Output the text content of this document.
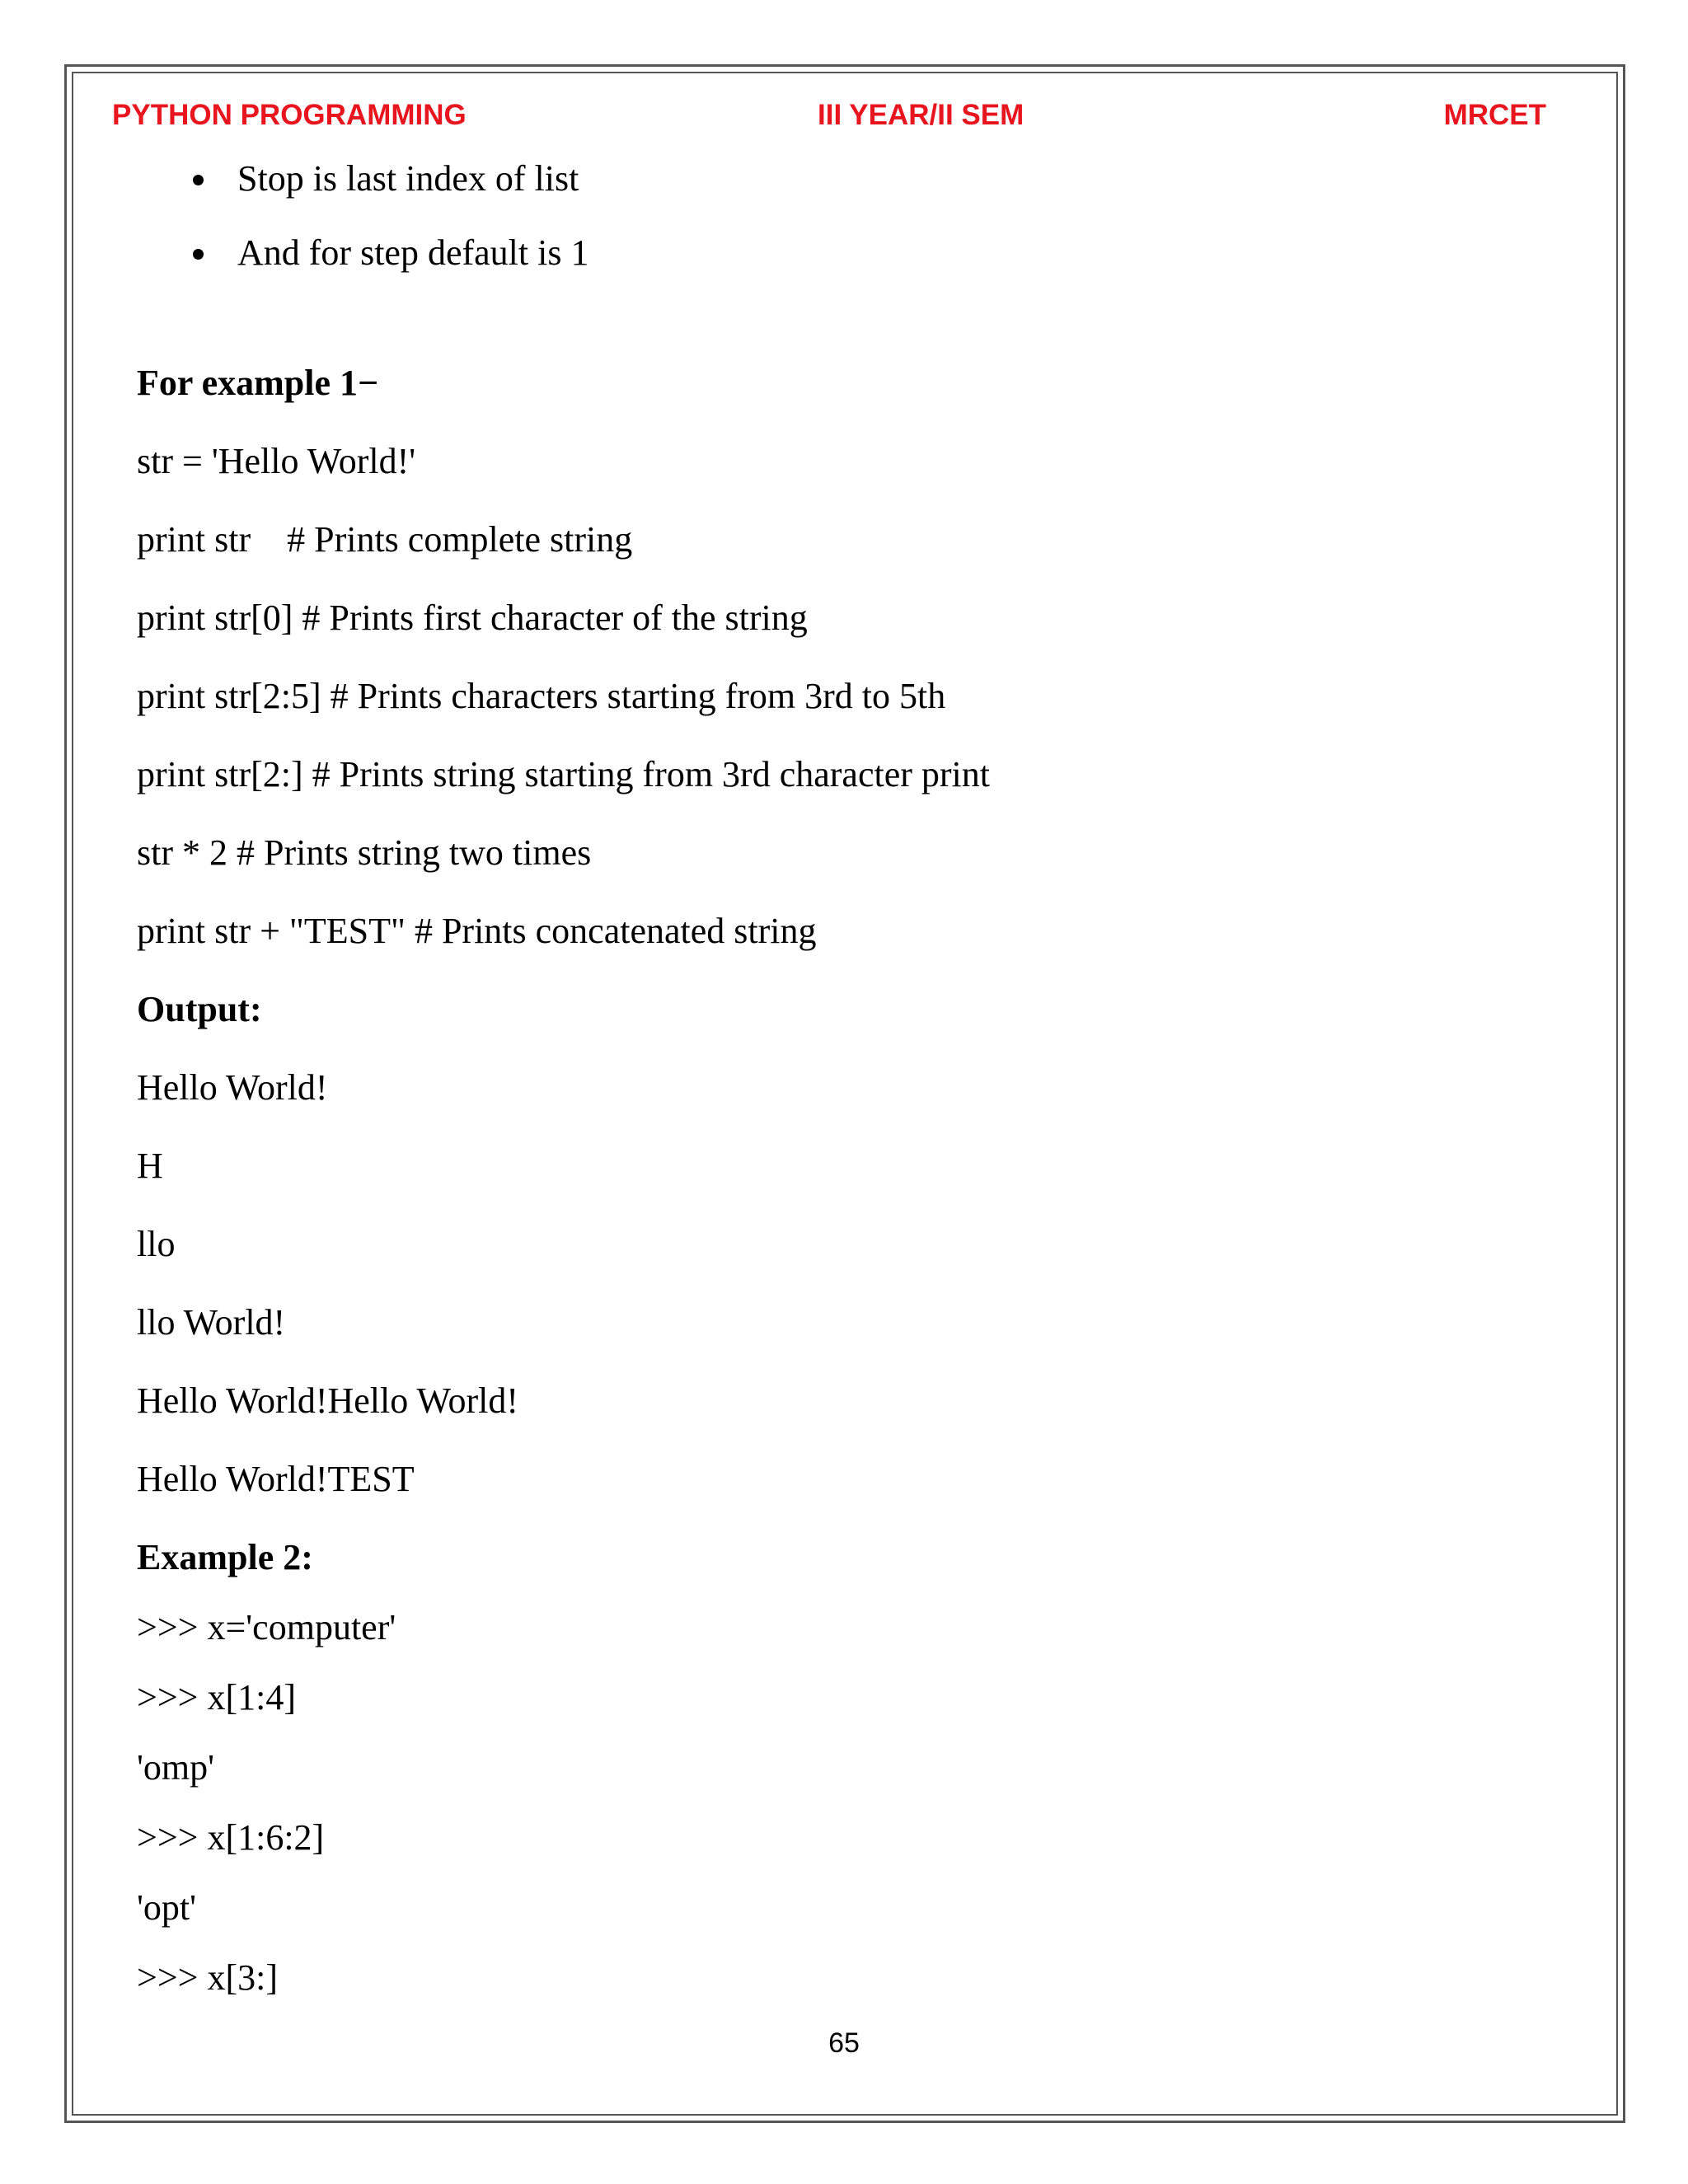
PYTHON PROGRAMMING	III YEAR/II SEM	MRCET
Stop is last index of list
And for step default is 1
For example 1−
str = 'Hello World!'
print str    # Prints complete string
print str[0] # Prints first character of the string
print str[2:5] # Prints characters starting from 3rd to 5th
print str[2:] # Prints string starting from 3rd character print
str * 2 # Prints string two times
print str + "TEST" # Prints concatenated string
Output:
Hello World!
H
llo
llo World!
Hello World!Hello World!
Hello World!TEST
Example 2:
>>> x='computer'
>>> x[1:4]
'omp'
>>> x[1:6:2]
'opt'
>>> x[3:]
65
